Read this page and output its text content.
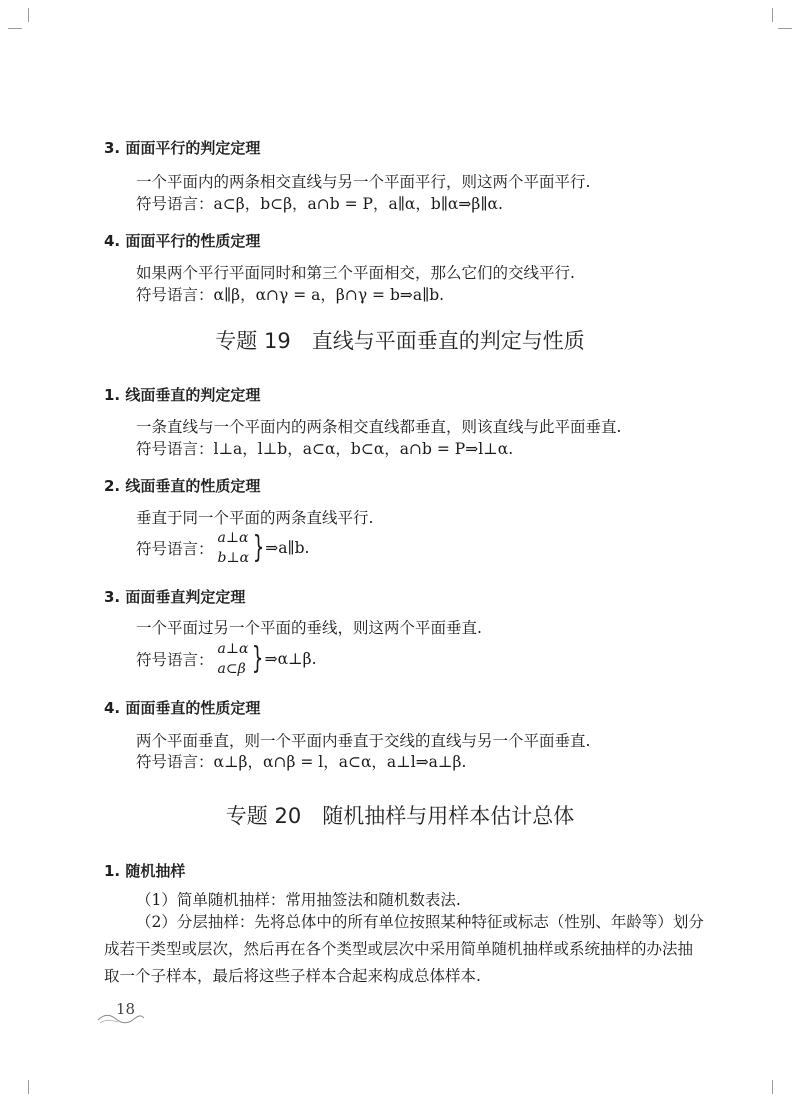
3. 面面平行的判定定理
一个平面内的两条相交直线与另一个平面平行，则这两个平面平行.
符号语言：a⊂β，b⊂β，a∩b = P，a∥α，b∥α⇒β∥α.
4. 面面平行的性质定理
如果两个平行平面同时和第三个平面相交，那么它们的交线平行.
符号语言：α∥β，α∩γ = a，β∩γ = b⇒a∥b.
专题 19　直线与平面垂直的判定与性质
1. 线面垂直的判定定理
一条直线与一个平面内的两条相交直线都垂直，则该直线与此平面垂直.
符号语言：l⊥a，l⊥b，a⊂α，b⊂α，a∩b = P⇒l⊥α.
2. 线面垂直的性质定理
垂直于同一个平面的两条直线平行.
符号语言：
a⊥α
b⊥α } ⇒a∥b.
3. 面面垂直判定定理
一个平面过另一个平面的垂线，则这两个平面垂直.
符号语言：
a⊥α
a⊂β } ⇒α⊥β.
4. 面面垂直的性质定理
两个平面垂直，则一个平面内垂直于交线的直线与另一个平面垂直.
符号语言：α⊥β，α∩β = l，a⊂α，a⊥l⇒a⊥β.
专题 20　随机抽样与用样本估计总体
1. 随机抽样
（1）简单随机抽样：常用抽签法和随机数表法.
（2）分层抽样：先将总体中的所有单位按照某种特征或标志（性别、年龄等）划分成若干类型或层次，然后再在各个类型或层次中采用简单随机抽样或系统抽样的办法抽取一个子样本，最后将这些子样本合起来构成总体样本.
18
